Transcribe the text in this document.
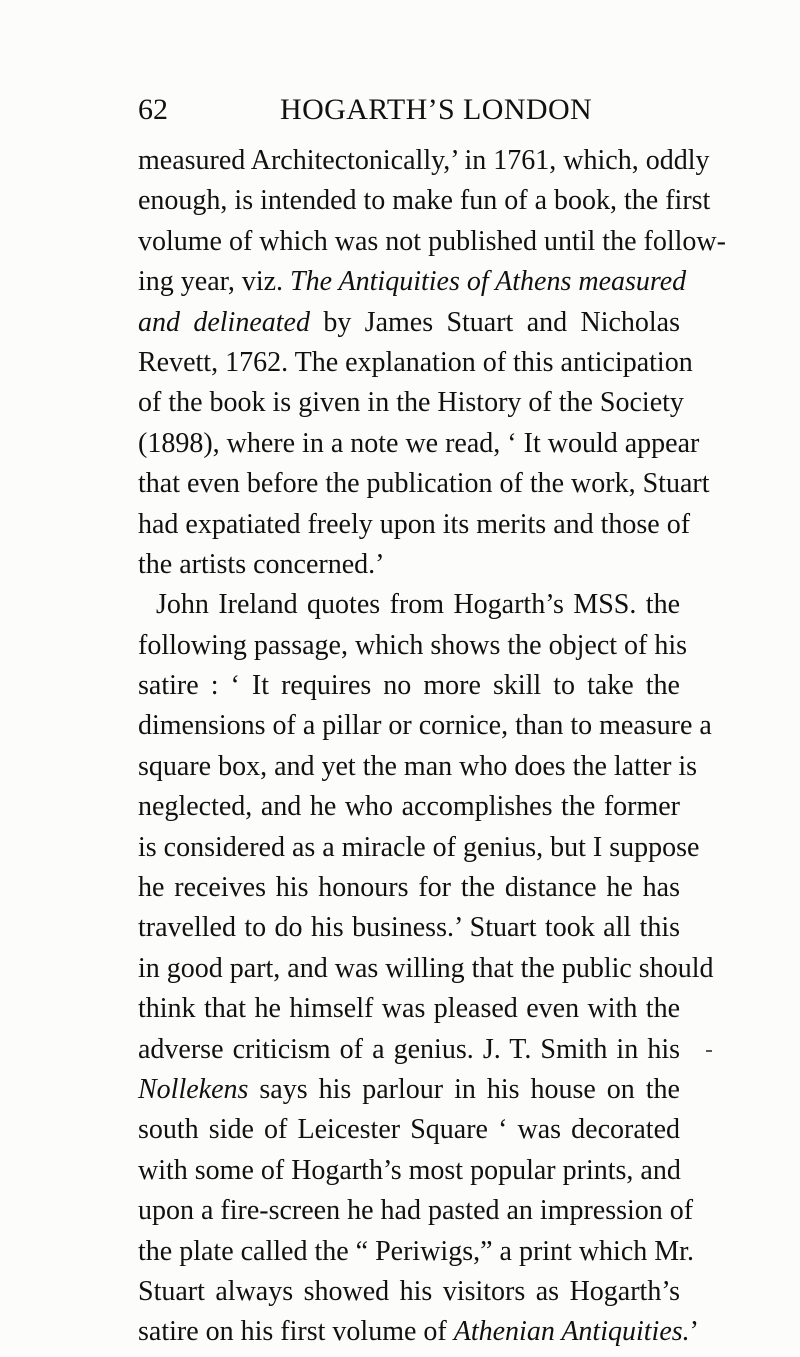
62	HOGARTH’S LONDON
measured Architectonically,’ in 1761, which, oddly
enough, is intended to make fun of a book, the first
volume of which was not published until the follow-
ing year, viz. The Antiquities of Athens measured
and delineated by James Stuart and Nicholas
Revett, 1762. The explanation of this anticipation
of the book is given in the History of the Society
(1898), where in a note we read, ‘ It would appear
that even before the publication of the work, Stuart
had expatiated freely upon its merits and those of
the artists concerned.’
John Ireland quotes from Hogarth’s MSS. the
following passage, which shows the object of his
satire : ‘ It requires no more skill to take the
dimensions of a pillar or cornice, than to measure a
square box, and yet the man who does the latter is
neglected, and he who accomplishes the former
is considered as a miracle of genius, but I suppose
he receives his honours for the distance he has
travelled to do his business.’ Stuart took all this
in good part, and was willing that the public should
think that he himself was pleased even with the
adverse criticism of a genius. J. T. Smith in his
Nollekens says his parlour in his house on the
south side of Leicester Square ‘ was decorated
with some of Hogarth’s most popular prints, and
upon a fire-screen he had pasted an impression of
the plate called the “ Periwigs,” a print which Mr.
Stuart always showed his visitors as Hogarth’s
satire on his first volume of Athenian Antiquities.’
